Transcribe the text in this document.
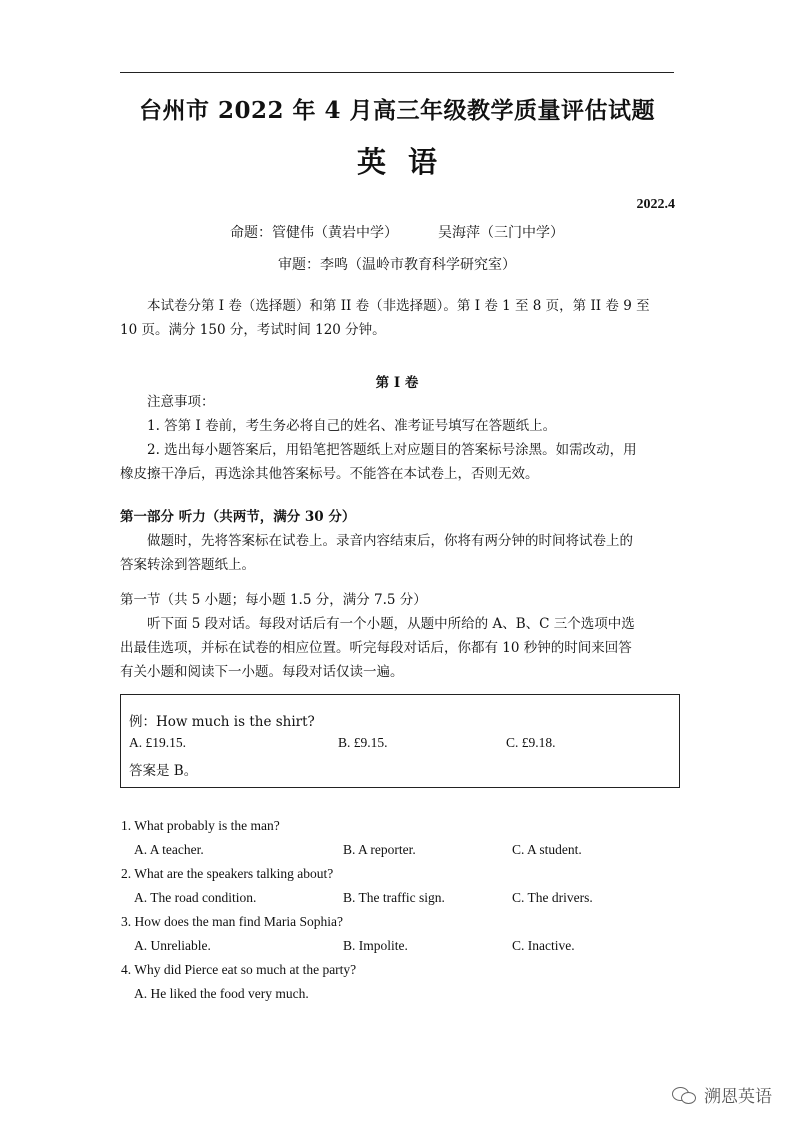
台州市 2022 年 4 月高三年级教学质量评估试题
英语
2022.4
命题：管健伟（黄岩中学）	吴海萍（三门中学）
审题：李鸣（温岭市教育科学研究室）
本试卷分第 I 卷（选择题）和第 II 卷（非选择题）。第 I 卷 1 至 8 页，第 II 卷 9 至
10 页。满分 150 分，考试时间 120 分钟。
第 I 卷
注意事项：
1. 答第 I 卷前，考生务必将自己的姓名、准考证号填写在答题纸上。
2. 选出每小题答案后，用铅笔把答题纸上对应题目的答案标号涂黑。如需改动，用
橡皮擦干净后，再选涂其他答案标号。不能答在本试卷上，否则无效。
第一部分 听力（共两节，满分 30 分）
做题时，先将答案标在试卷上。录音内容结束后，你将有两分钟的时间将试卷上的
答案转涂到答题纸上。
第一节（共 5 小题；每小题 1.5 分，满分 7.5 分）
听下面 5 段对话。每段对话后有一个小题，从题中所给的 A、B、C 三个选项中选
出最佳选项，并标在试卷的相应位置。听完每段对话后，你都有 10 秒钟的时间来回答
有关小题和阅读下一小题。每段对话仅读一遍。
例：How much is the shirt?
A. £19.15.	B. £9.15.	C. £9.18.
答案是 B。
1. What probably is the man?
A. A teacher.	B. A reporter.	C. A student.
2. What are the speakers talking about?
A. The road condition.	B. The traffic sign.	C. The drivers.
3. How does the man find Maria Sophia?
A. Unreliable.	B. Impolite.	C. Inactive.
4. Why did Pierce eat so much at the party?
A. He liked the food very much.
溯恩英语
